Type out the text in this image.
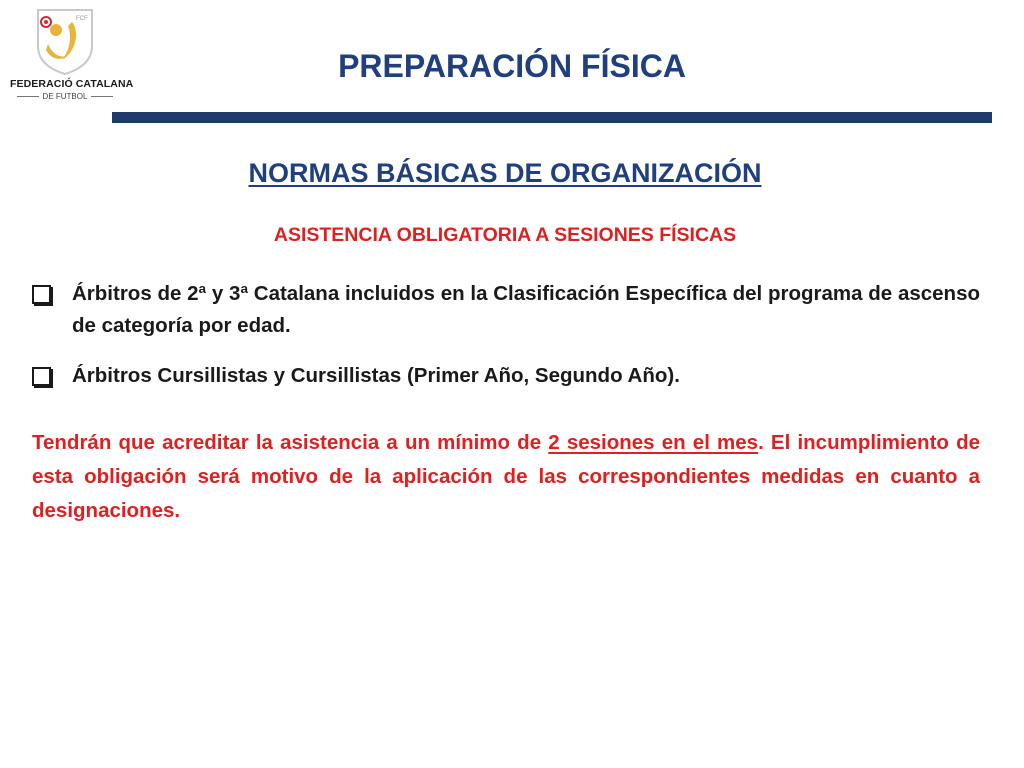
FCF
FEDERACIÓ CATALANA
DE FUTBOL
PREPARACIÓN FÍSICA
NORMAS BÁSICAS DE ORGANIZACIÓN
ASISTENCIA OBLIGATORIA A SESIONES FÍSICAS
Árbitros de 2ª y 3ª Catalana incluidos en la Clasificación Específica del programa de ascenso de categoría por edad.
Árbitros Cursillistas y Cursillistas (Primer Año, Segundo Año).
Tendrán que acreditar la asistencia a un mínimo de 2 sesiones en el mes. El incumplimiento de esta obligación será motivo de la aplicación de las correspondientes medidas en cuanto a designaciones.
